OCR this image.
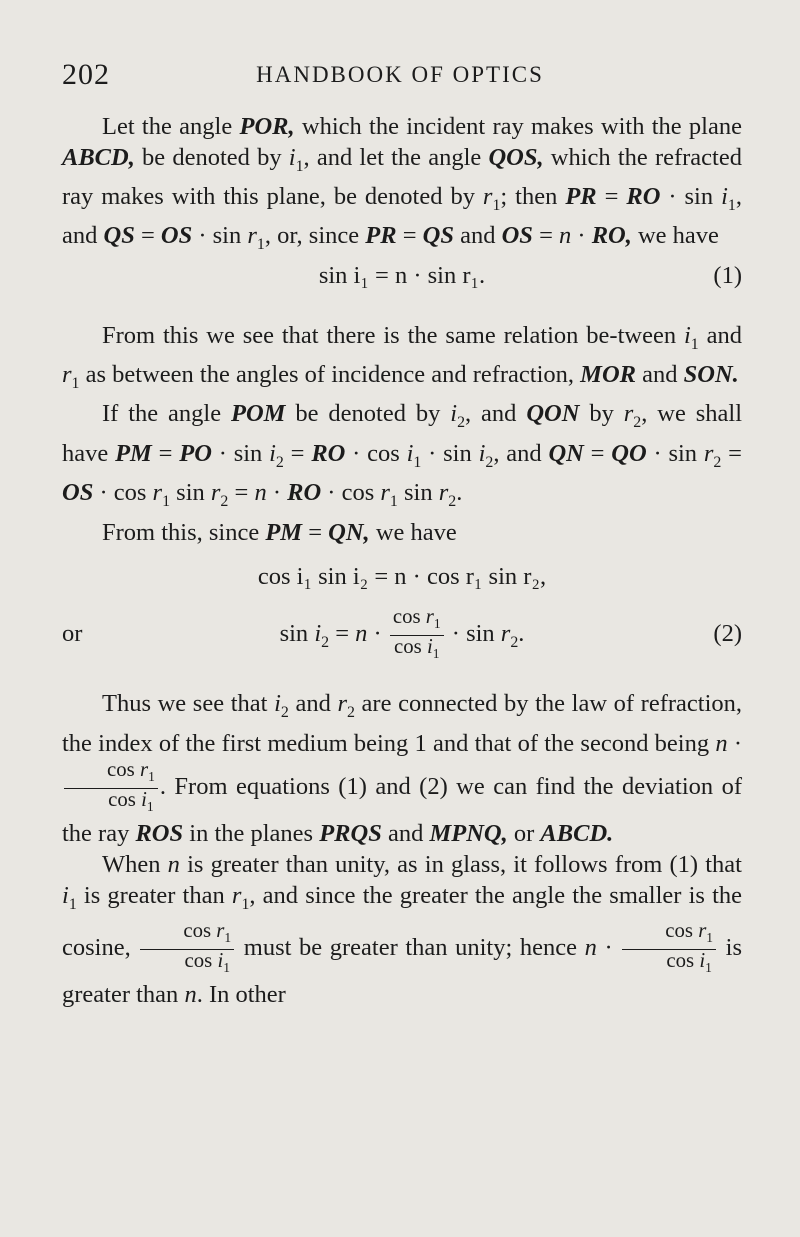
202	HANDBOOK OF OPTICS

Let the angle POR, which the incident ray makes with the plane ABCD, be denoted by $i_1$, and let the angle QOS, which the refracted ray makes with this plane, be denoted by $r_1$; then PR = RO · $\sin i_1$, and QS = OS · $\sin r_1$, or, since PR = QS and OS = n · RO, we have

sin i₁ = n · sin r₁.	(1)

From this we see that there is the same relation be-tween $i_1$ and $r_1$ as between the angles of incidence and refraction, MOR and SON.

If the angle POM be denoted by $i_2$, and QON by $r_2$, we shall have PM = PO · $\sin i_2$ = RO · $\cos i_1 \cdot \sin i_2$, and QN = QO · $\sin r_2$ = OS · $\cos r_1$ $\sin r_2 = n$ · RO · $\cos r_1$ $\sin r_2$.

From this, since PM = QN, we have

cos i₁ sin i₂ = n · cos r₁ sin r₂,
or	$\sin i_2 = n \cdot \frac{\cos r_1}{\cos i_1} \cdot \sin r_2$.	(2)

Thus we see that $i_2$ and $r_2$ are connected by the law of refraction, the index of the first medium being 1 and that of the second being n ·
$\frac{\cos r_1}{\cos i_1}$ . From equations (1) and (2) we can find the deviation of the ray ROS in the planes PRQS and MPNQ, or ABCD.

When n is greater than unity, as in glass, it follows from (1) that $i_1$ is greater than $r_1$, and since the greater the angle the smaller is the cosine, $\frac{\cos r_1}{\cos i_1}$ must be greater than unity; hence $n \cdot \frac{\cos r_1}{\cos i_1}$ is greater than n. In other
